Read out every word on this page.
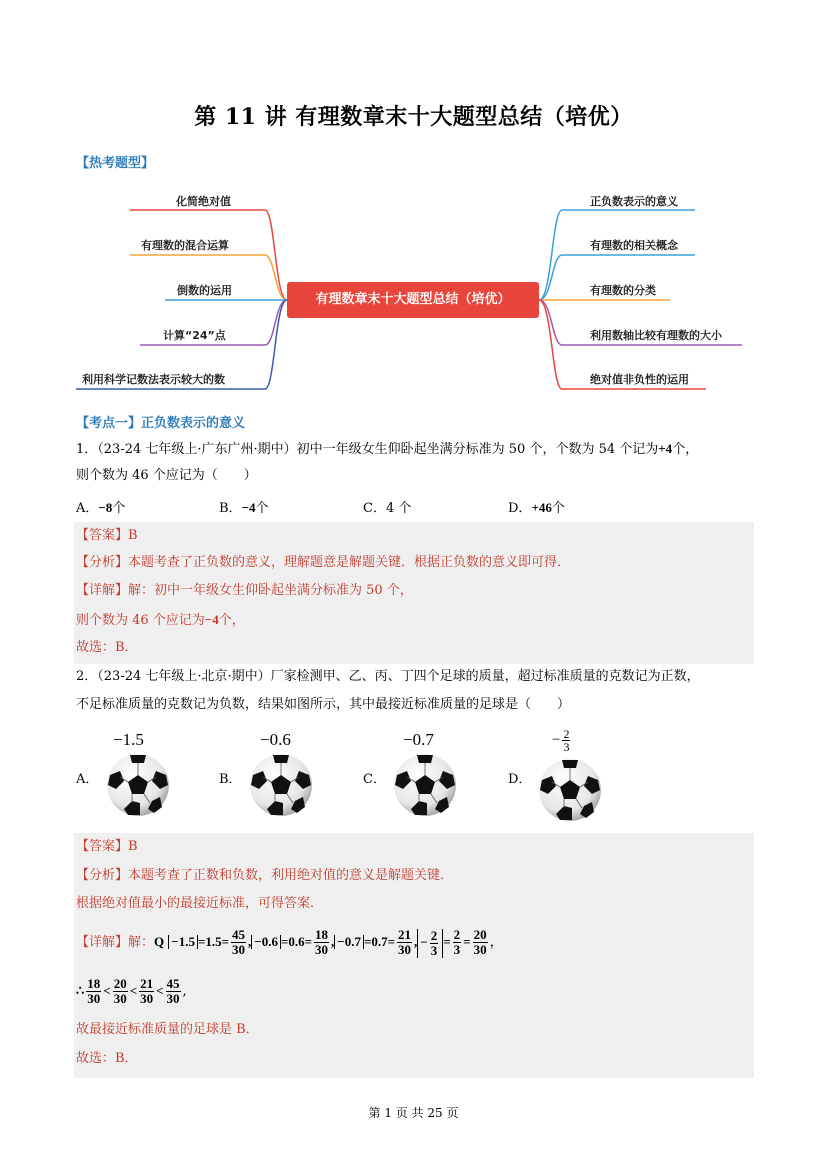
第 11 讲 有理数章末十大题型总结（培优）
【热考题型】
化简绝对值
有理数的混合运算
倒数的运用
计算“24”点
利用科学记数法表示较大的数
有理数章末十大题型总结（培优）
正负数表示的意义
有理数的相关概念
有理数的分类
利用数轴比较有理数的大小
绝对值非负性的运用
【考点一】正负数表示的意义
1．（23-24 七年级上·广东广州·期中）初中一年级女生仰卧起坐满分标准为 50 个，个数为 54 个记为+4个，
则个数为 46 个应记为（　　）
A．−8个	B．−4个	C．4 个	D．+46个
【答案】B
【分析】本题考查了正负数的意义，理解题意是解题关键．根据正负数的意义即可得．
【详解】解：初中一年级女生仰卧起坐满分标准为 50 个，
则个数为 46 个应记为−4个，
故选：B．
2．（23-24 七年级上·北京·期中）厂家检测甲、乙、丙、丁四个足球的质量，超过标准质量的克数记为正数，
不足标准质量的克数记为负数，结果如图所示，其中最接近标准质量的足球是（　　）
A．
−1.5
B．
−0.6
C．
−0.7
D．
− $\frac{2}{3}$
【答案】B
【分析】本题考查了正数和负数，利用绝对值的意义是解题关键．
根据绝对值最小的最接近标准，可得答案．
【详解】解：$Q -1.5 =1.5= \frac{45}{30}$ , $-0.6 =0.6= \frac{18}{30}$ , $-0.7 =0.7= \frac{21}{30}$ , − $\frac{2}{3} = \frac{2}{3} = \frac{20}{30}$ ，
∴ $\frac{18}{30} < \frac{20}{30} < \frac{21}{30} < \frac{45}{30}$ ,
故最接近标准质量的足球是 B．
故选：B．
第 1 页 共 25 页
